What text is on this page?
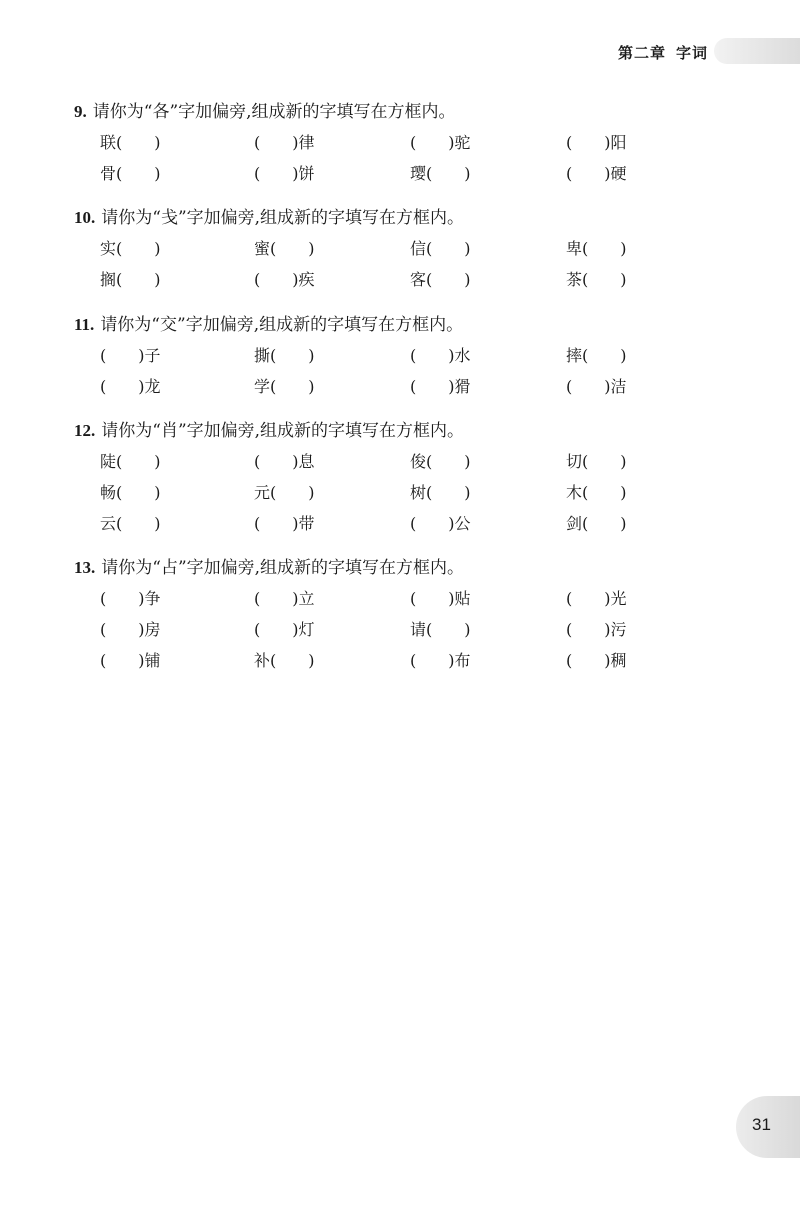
第二章 字词
9. 请你为“各”字加偏旁,组成新的字填写在方框内。
联(　　)	(　　)律	(　　)驼	(　　)阳
骨(　　)	(　　)饼	璎(　　)	(　　)硬
10. 请你为“戋”字加偏旁,组成新的字填写在方框内。
实(　　)	蜜(　　)	信(　　)	卑(　　)
搁(　　)	(　　)疾	客(　　)	茶(　　)
11. 请你为“交”字加偏旁,组成新的字填写在方框内。
(　　)子	撕(　　)	(　　)水	摔(　　)
(　　)龙	学(　　)	(　　)猾	(　　)洁
12. 请你为“肖”字加偏旁,组成新的字填写在方框内。
陡(　　)	(　　)息	俊(　　)	切(　　)
畅(　　)	元(　　)	树(　　)	木(　　)
云(　　)	(　　)带	(　　)公	剑(　　)
13. 请你为“占”字加偏旁,组成新的字填写在方框内。
(　　)争	(　　)立	(　　)贴	(　　)光
(　　)房	(　　)灯	请(　　)	(　　)污
(　　)铺	补(　　)	(　　)布	(　　)稠
31
